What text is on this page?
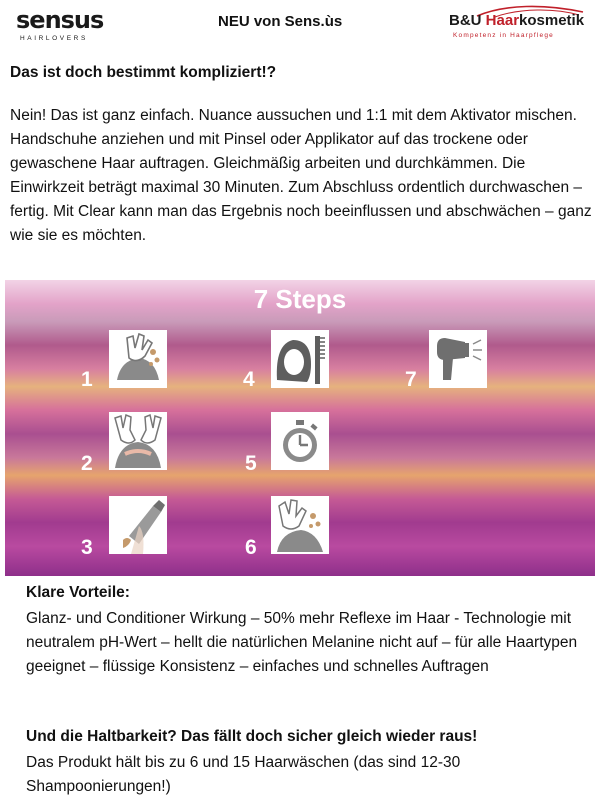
sensus
HAIRLOVERS
NEU von Sens.ùs	B&U Haarkosmetik
Kompetenz in Haarpflege
Das ist doch bestimmt kompliziert!?
Nein! Das ist ganz einfach. Nuance aussuchen und 1:1 mit dem Aktivator mischen. Handschuhe anziehen und mit Pinsel oder Applikator auf das trockene oder gewaschene Haar auftragen. Gleichmäßig arbeiten und durchkämmen. Die Einwirkzeit beträgt maximal 30 Minuten. Zum Abschluss ordentlich durchwaschen – fertig. Mit Clear kann man das Ergebnis noch beeinflussen und abschwächen – ganz wie sie es möchten.
7 Steps
1
2
3
4
5
6
7
Klare Vorteile:
Glanz- und Conditioner Wirkung – 50% mehr Reflexe im Haar - Technologie mit neutralem pH-Wert – hellt die natürlichen Melanine nicht auf – für alle Haartypen geeignet – flüssige Konsistenz – einfaches und schnelles Auftragen
Und die Haltbarkeit? Das fällt doch sicher gleich wieder raus!
Das Produkt hält bis zu 6 und 15 Haarwäschen (das sind 12-30 Shampoonierungen!)
